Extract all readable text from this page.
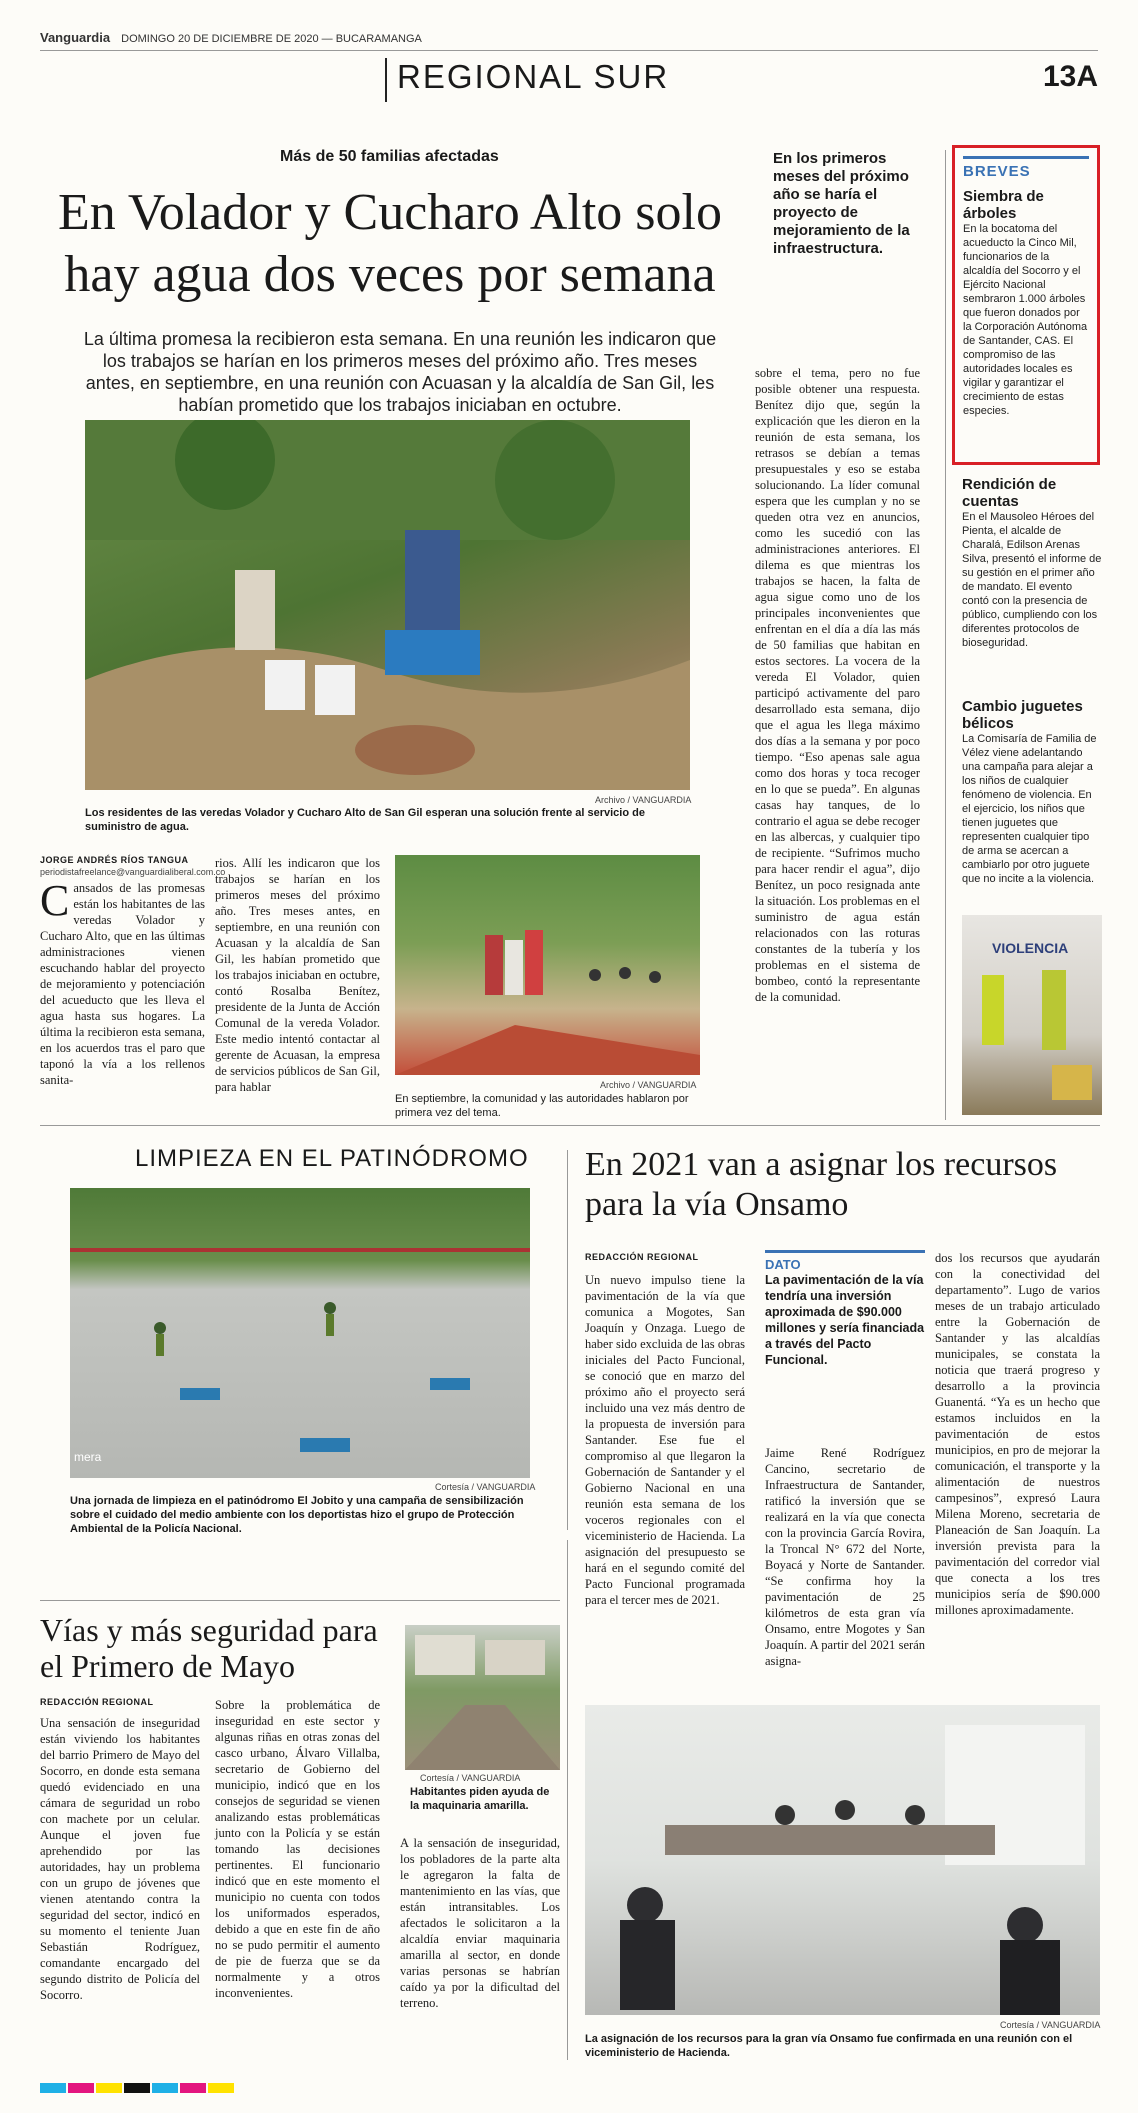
Vanguardia DOMINGO 20 DE DICIEMBRE DE 2020 — BUCARAMANGA
REGIONAL SUR	13A
Más de 50 familias afectadas
En Volador y Cucharo Alto solo hay agua dos veces por semana
La última promesa la recibieron esta semana. En una reunión les indicaron que los trabajos se harían en los primeros meses del próximo año. Tres meses antes, en septiembre, en una reunión con Acuasan y la alcaldía de San Gil, les habían prometido que los trabajos iniciaban en octubre.
En los primeros meses del próximo año se haría el proyecto de mejoramiento de la infraestructura.
Archivo / VANGUARDIA
Los residentes de las veredas Volador y Cucharo Alto de San Gil esperan una solución frente al servicio de suministro de agua.
JORGE ANDRÉS RÍOS TANGUA
periodistafreelance@vanguardialiberal.com.co
Cansados de las promesas están los habitantes de las veredas Volador y Cucharo Alto, que en las últimas administraciones vienen escuchando hablar del proyecto de mejoramiento y potenciación del acueducto que les lleva el agua hasta sus hogares. La última la recibieron esta semana, en los acuerdos tras el paro que taponó la vía a los rellenos sanita-
rios. Allí les indicaron que los trabajos se harían en los primeros meses del próximo año. Tres meses antes, en septiembre, en una reunión con Acuasan y la alcaldía de San Gil, les habían prometido que los trabajos iniciaban en octubre, contó Rosalba Benítez, presidente de la Junta de Acción Comunal de la vereda Volador. Este medio intentó contactar al gerente de Acuasan, la empresa de servicios públicos de San Gil, para hablar	Archivo / VANGUARDIA
En septiembre, la comunidad y las autoridades hablaron por primera vez del tema.
sobre el tema, pero no fue posible obtener una respuesta. Benítez dijo que, según la explicación que les dieron en la reunión de esta semana, los retrasos se debían a temas presupuestales y eso se estaba solucionando. La líder comunal espera que les cumplan y no se queden otra vez en anuncios, como les sucedió con las administraciones anteriores. El dilema es que mientras los trabajos se hacen, la falta de agua sigue como uno de los principales inconvenientes que enfrentan en el día a día las más de 50 familias que habitan en estos sectores. La vocera de la vereda El Volador, quien participó activamente del paro desarrollado esta semana, dijo que el agua les llega máximo dos días a la semana y por poco tiempo. “Eso apenas sale agua como dos horas y toca recoger en lo que se pueda”. En algunas casas hay tanques, de lo contrario el agua se debe recoger en las albercas, y cualquier tipo de recipiente. “Sufrimos mucho para hacer rendir el agua”, dijo Benítez, un poco resignada ante la situación. Los problemas en el suministro de agua están relacionados con las roturas constantes de la tubería y los problemas en el sistema de bombeo, contó la representante de la comunidad.
BREVES
Siembra de árboles
En la bocatoma del acueducto la Cinco Mil, funcionarios de la alcaldía del Socorro y el Ejército Nacional sembraron 1.000 árboles que fueron donados por la Corporación Autónoma de Santander, CAS. El compromiso de las autoridades locales es vigilar y garantizar el crecimiento de estas especies.
Rendición de cuentas
En el Mausoleo Héroes del Pienta, el alcalde de Charalá, Edilson Arenas Silva, presentó el informe de su gestión en el primer año de mandato. El evento contó con la presencia de público, cumpliendo con los diferentes protocolos de bioseguridad.
Cambio juguetes bélicos
La Comisaría de Familia de Vélez viene adelantando una campaña para alejar a los niños de cualquier fenómeno de violencia. En el ejercicio, los niños que tienen juguetes que representen cualquier tipo de arma se acercan a cambiarlo por otro juguete que no incite a la violencia.
VIOLENCIA
LIMPIEZA EN EL PATINÓDROMO
mera
Cortesía / VANGUARDIA
Una jornada de limpieza en el patinódromo El Jobito y una campaña de sensibilización sobre el cuidado del medio ambiente con los deportistas hizo el grupo de Protección Ambiental de la Policía Nacional.
En 2021 van a asignar los recursos para la vía Onsamo
REDACCIÓN REGIONAL
Un nuevo impulso tiene la pavimentación de la vía que comunica a Mogotes, San Joaquín y Onzaga. Luego de haber sido excluida de las obras iniciales del Pacto Funcional, se conoció que en marzo del próximo año el proyecto será incluido una vez más dentro de la propuesta de inversión para Santander. Ese fue el compromiso al que llegaron la Gobernación de Santander y el Gobierno Nacional en una reunión esta semana de los voceros regionales con el viceministerio de Hacienda. La asignación del presupuesto se hará en el segundo comité del Pacto Funcional programada para el tercer mes de 2021.
DATO
La pavimentación de la vía tendría una inversión aproximada de $90.000 millones y sería financiada a través del Pacto Funcional.
Jaime René Rodríguez Cancino, secretario de Infraestructura de Santander, ratificó la inversión que se realizará en la vía que conecta con la provincia García Rovira, la Troncal N° 672 del Norte, Boyacá y Norte de Santander. “Se confirma hoy la pavimentación de 25 kilómetros de esta gran vía Onsamo, entre Mogotes y San Joaquín. A partir del 2021 serán asigna-
dos los recursos que ayudarán con la conectividad del departamento”. Lugo de varios meses de un trabajo articulado entre la Gobernación de Santander y las alcaldías municipales, se constata la noticia que traerá progreso y desarrollo a la provincia Guanentá. “Ya es un hecho que estamos incluidos en la pavimentación de estos municipios, en pro de mejorar la comunicación, el transporte y la alimentación de nuestros campesinos”, expresó Laura Milena Moreno, secretaria de Planeación de San Joaquín. La inversión prevista para la pavimentación del corredor vial que conecta a los tres municipios sería de $90.000 millones aproximadamente.
Cortesía / VANGUARDIA
La asignación de los recursos para la gran vía Onsamo fue confirmada en una reunión con el viceministerio de Hacienda.
Vías y más seguridad para el Primero de Mayo
REDACCIÓN REGIONAL
Una sensación de inseguridad están viviendo los habitantes del barrio Primero de Mayo del Socorro, en donde esta semana quedó evidenciado en una cámara de seguridad un robo con machete por un celular. Aunque el joven fue aprehendido por las autoridades, hay un problema con un grupo de jóvenes que vienen atentando contra la seguridad del sector, indicó en su momento el teniente Juan Sebastián Rodríguez, comandante encargado del segundo distrito de Policía del Socorro.
Sobre la problemática de inseguridad en este sector y algunas riñas en otras zonas del casco urbano, Álvaro Villalba, secretario de Gobierno del municipio, indicó que en los consejos de seguridad se vienen analizando estas problemáticas junto con la Policía y se están tomando las decisiones pertinentes. El funcionario indicó que en este momento el municipio no cuenta con todos los uniformados esperados, debido a que en este fin de año no se pudo permitir el aumento de pie de fuerza que se da normalmente y a otros inconvenientes.
Cortesía / VANGUARDIA
Habitantes piden ayuda de la maquinaria amarilla.
A la sensación de inseguridad, los pobladores de la parte alta le agregaron la falta de mantenimiento en las vías, que están intransitables. Los afectados le solicitaron a la alcaldía enviar maquinaria amarilla al sector, en donde varias personas se habrían caído ya por la dificultad del terreno.
